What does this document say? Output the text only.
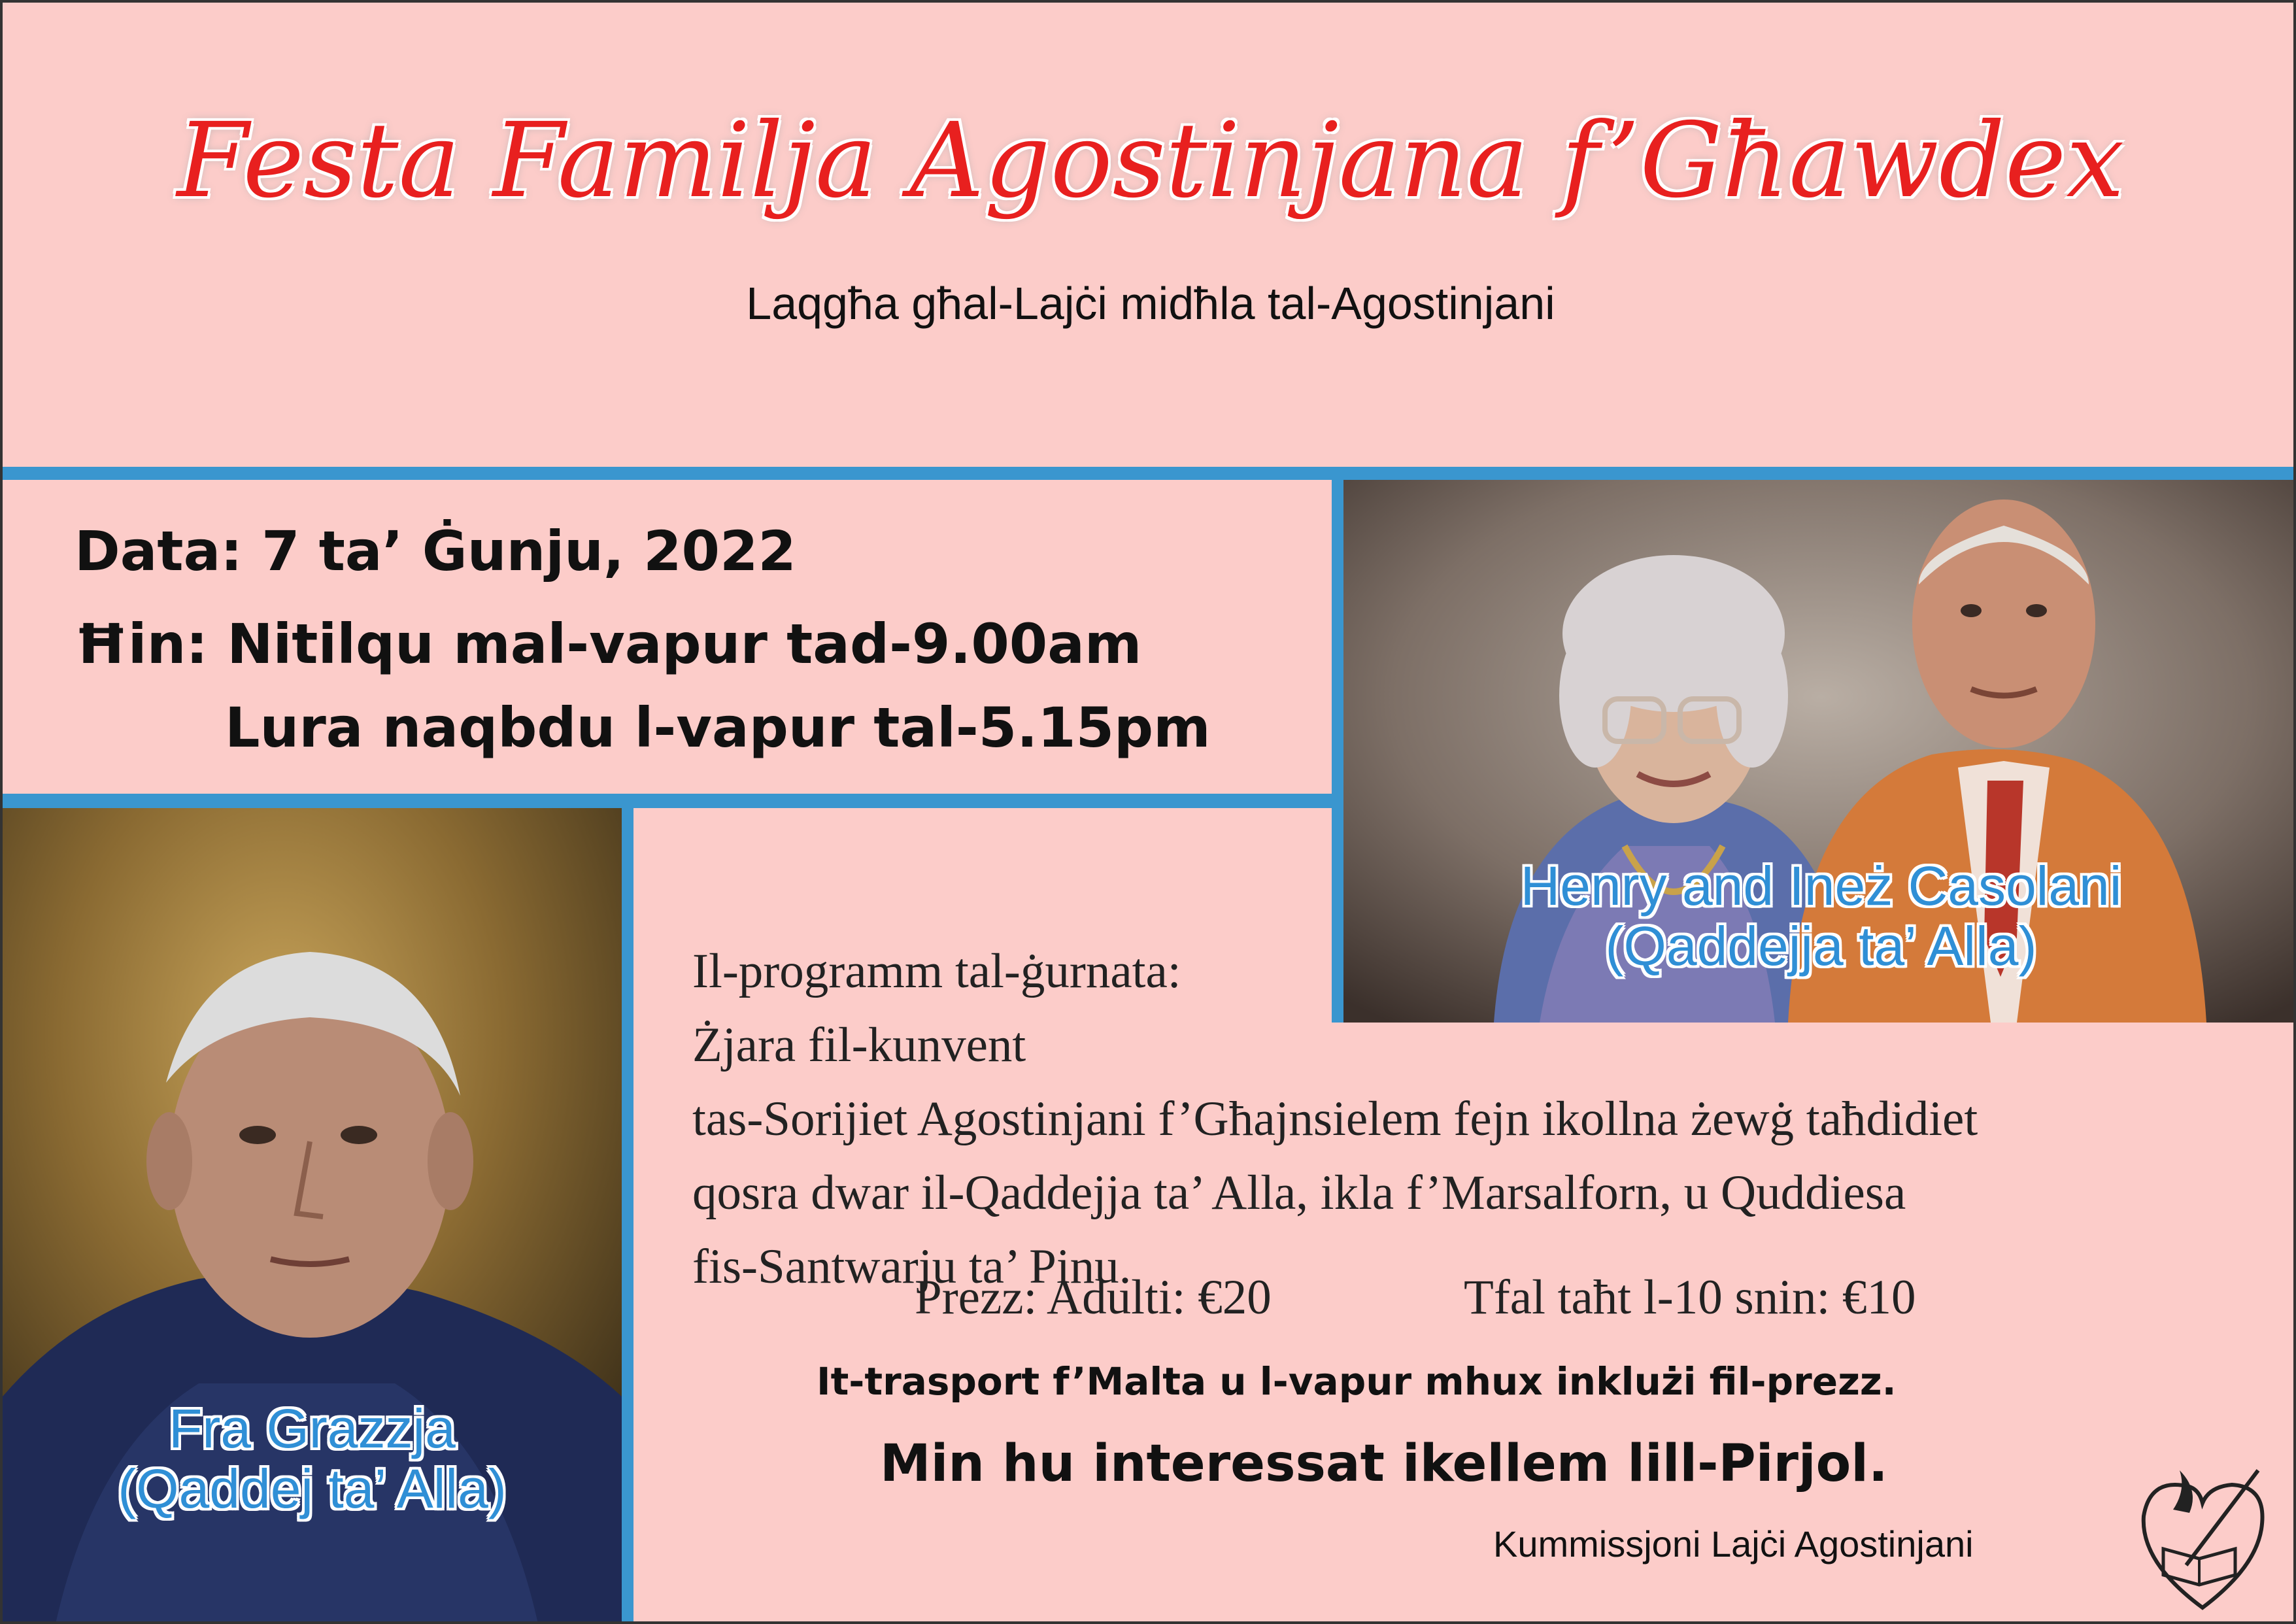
Festa Familja Agostinjana f’Għawdex
Laqgħa għal-Lajċi midħla tal-Agostinjani
Data: 7 ta’ Ġunju, 2022
Ħin: Nitilqu mal-vapur tad-9.00am
Lura naqbdu l-vapur tal-5.15pm
Henry and Ineż Casolani
(Qaddejja ta’ Alla)
Fra Grazzja
(Qaddej ta’ Alla)
Il-programm tal-ġurnata:
Żjara fil-kunvent
tas-Sorijiet Agostinjani f’Għajnsielem fejn ikollna żewġ taħdidiet
qosra dwar il-Qaddejja ta’ Alla, ikla f’Marsalforn, u Quddiesa
fis-Santwarju ta’ Pinu.
Prezz: Adulti: €20	Tfal taħt l-10 snin: €10
It-trasport f’Malta u l-vapur mhux inklużi fil-prezz.
Min hu interessat ikellem lill-Pirjol.
Kummissjoni Lajċi Agostinjani
